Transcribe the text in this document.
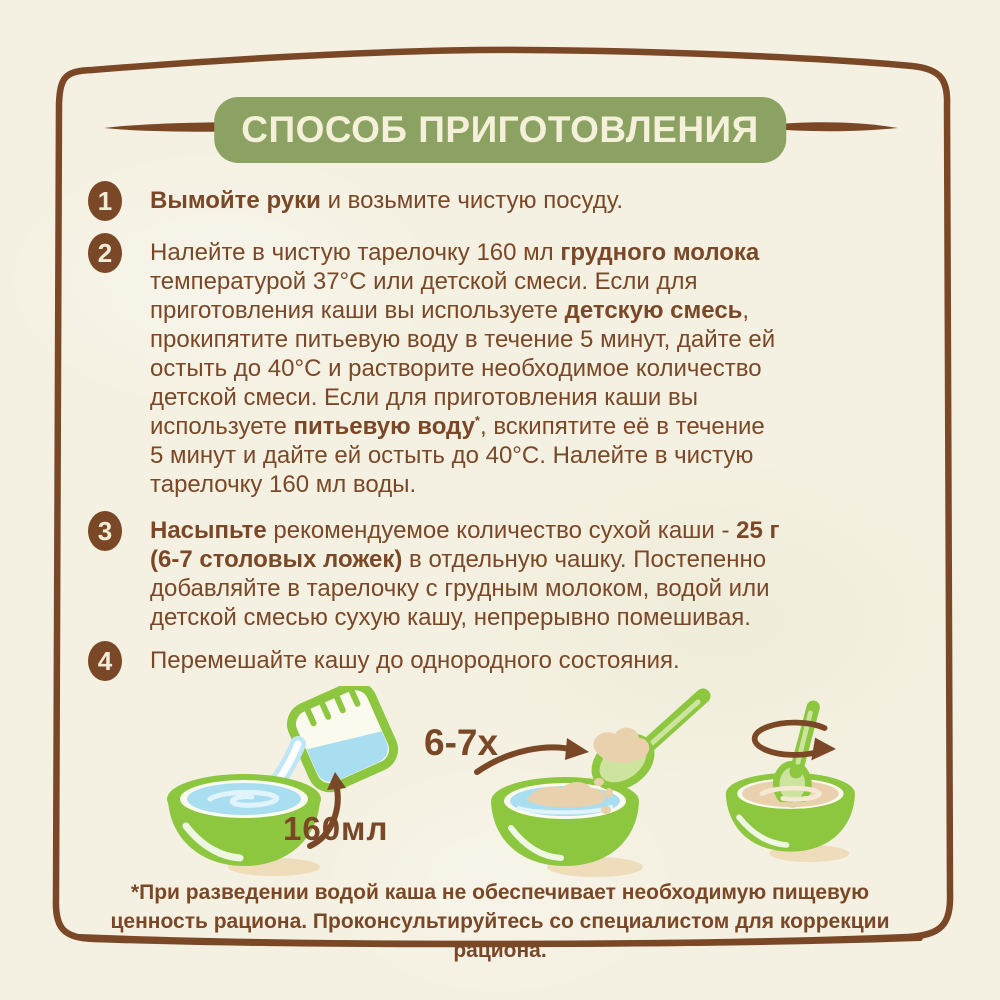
СПОСОБ ПРИГОТОВЛЕНИЯ
1 Вымойте руки и возьмите чистую посуду.
2 Налейте в чистую тарелочку 160 мл грудного молока
температурой 37°C или детской смеси. Если для
приготовления каши вы используете детскую смесь,
прокипятите питьевую воду в течение 5 минут, дайте ей
остыть до 40°C и растворите необходимое количество
детской смеси. Если для приготовления каши вы
используете питьевую воду*, вскипятите её в течение
5 минут и дайте ей остыть до 40°C. Налейте в чистую
тарелочку 160 мл воды.
3 Насыпьте рекомендуемое количество сухой каши - 25 г
(6-7 столовых ложек) в отдельную чашку. Постепенно
добавляйте в тарелочку с грудным молоком, водой или
детской смесью сухую кашу, непрерывно помешивая.
4 Перемешайте кашу до однородного состояния.
160мл
6-7x
*При разведении водой каша не обеспечивает необходимую пищевую ценность рациона. Проконсультируйтесь со специалистом для коррекции рациона.
